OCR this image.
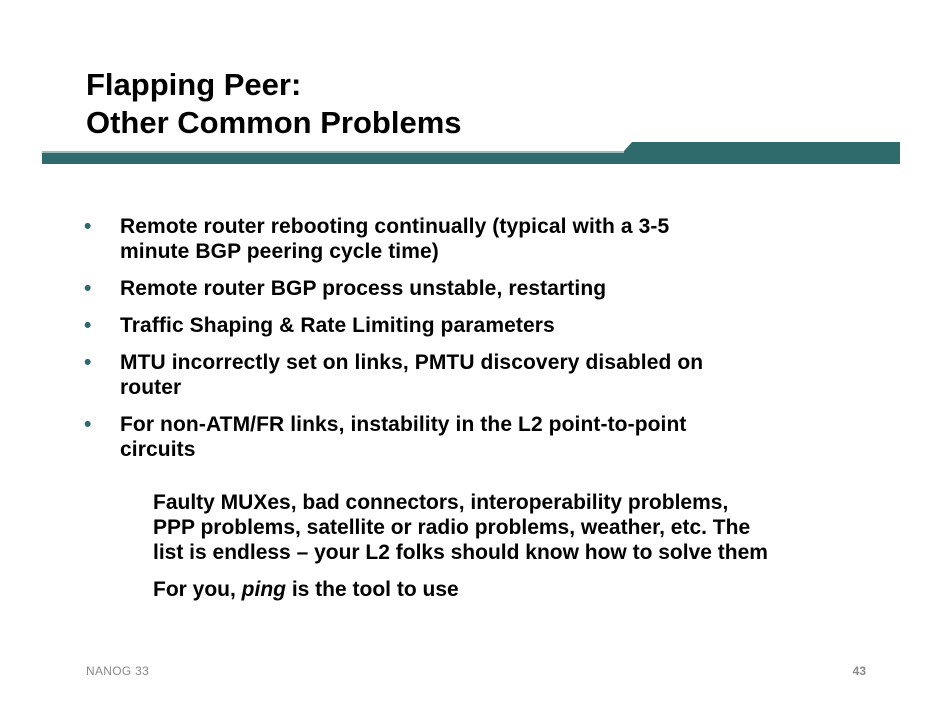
Flapping Peer:
Other Common Problems
• Remote router rebooting continually (typical with a 3-5
minute BGP peering cycle time)
• Remote router BGP process unstable, restarting
• Traffic Shaping & Rate Limiting parameters
• MTU incorrectly set on links, PMTU discovery disabled on
router
• For non-ATM/FR links, instability in the L2 point-to-point
circuits
Faulty MUXes, bad connectors, interoperability problems,
PPP problems, satellite or radio problems, weather, etc. The
list is endless – your L2 folks should know how to solve them
For you, ping is the tool to use
NANOG 33	43
